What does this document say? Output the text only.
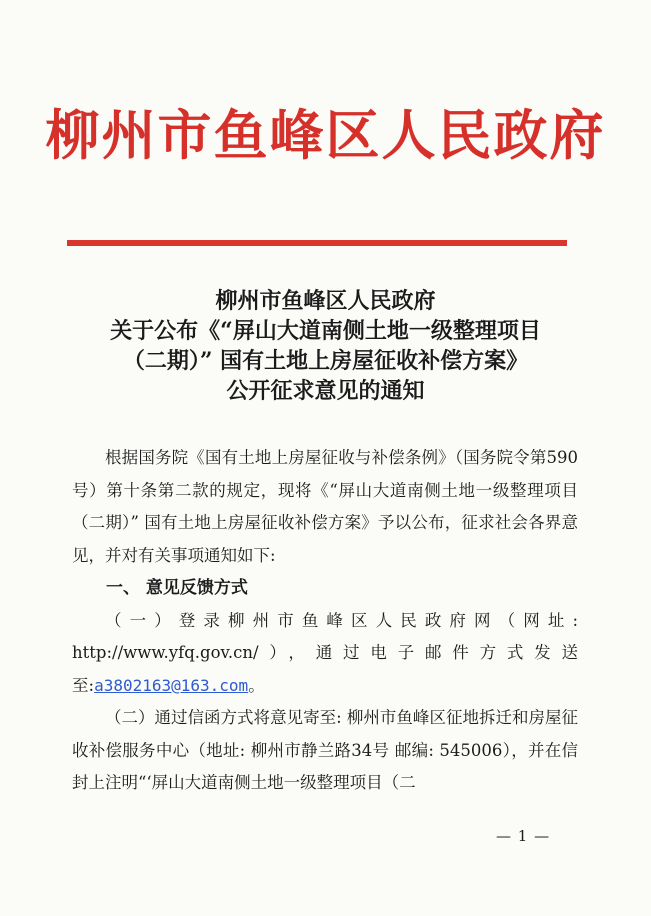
柳州市鱼峰区人民政府
柳州市鱼峰区人民政府
关于公布《“屏山大道南侧土地一级整理项目
（二期）” 国有土地上房屋征收补偿方案》
公开征求意见的通知

根据国务院《国有土地上房屋征收与补偿条例》（国务院令第590号）第十条第二款的规定，现将《“屏山大道南侧土地一级整理项目（二期）” 国有土地上房屋征收补偿方案》予以公布，征求社会各界意见，并对有关事项通知如下:

一、 意见反馈方式

（一）登录柳州市鱼峰区人民政府网（网址: http://www.yfq.gov.cn/），通过电子邮件方式发送至:a3802163@163.com。

（二）通过信函方式将意见寄至: 柳州市鱼峰区征地拆迁和房屋征收补偿服务中心（地址: 柳州市静兰路34号 邮编: 545006），并在信封上注明“‘屏山大道南侧土地一级整理项目（二

— 1 —
